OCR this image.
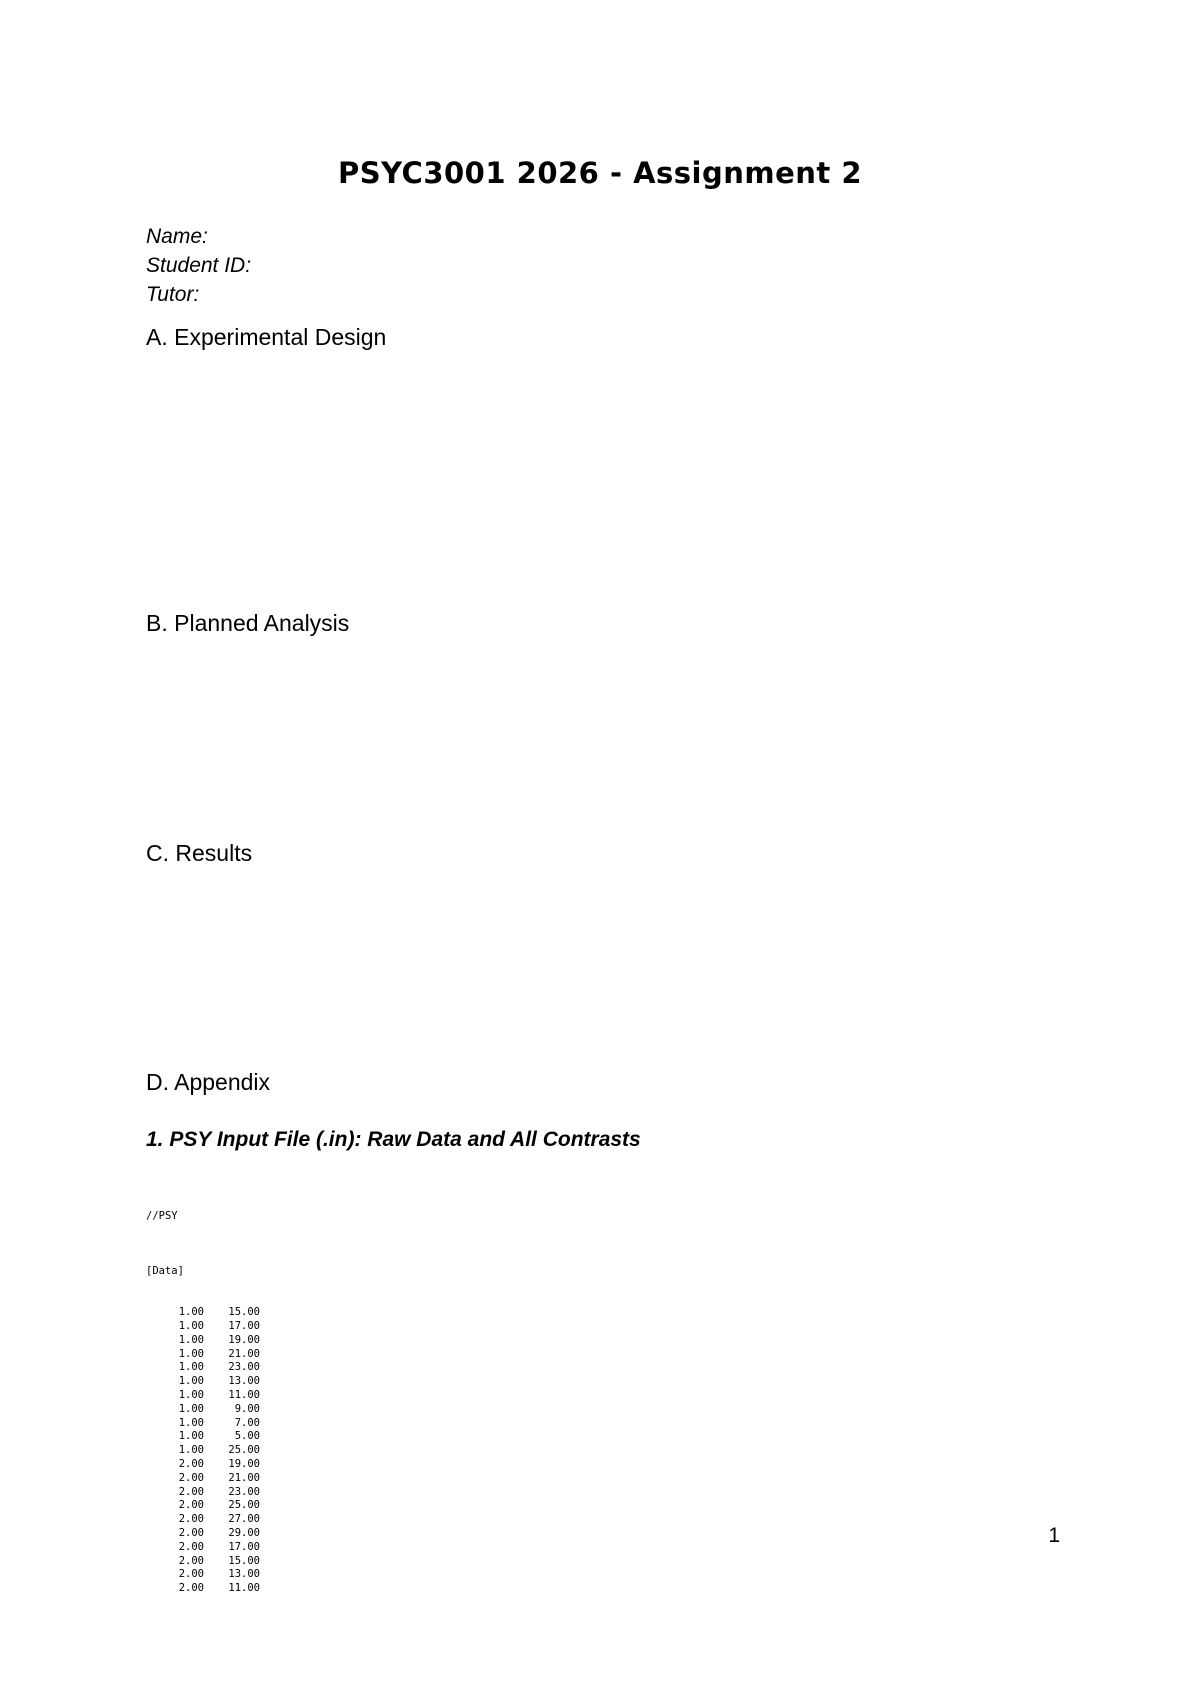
PSYC3001 2026 - Assignment 2
Name:
Student ID:
Tutor:
A. Experimental Design
B. Planned Analysis
C. Results
D. Appendix
1. PSY Input File (.in): Raw Data and All Contrasts

//PSY

[Data]

1.00	15.00
1.00	17.00
1.00	19.00
1.00	21.00
1.00	23.00
1.00	13.00
1.00	11.00
1.00	9.00
1.00	7.00
1.00	5.00
1.00	25.00
2.00	19.00
2.00	21.00
2.00	23.00
2.00	25.00
2.00	27.00
2.00	29.00
2.00	17.00
2.00	15.00
2.00	13.00
2.00	11.00

1
